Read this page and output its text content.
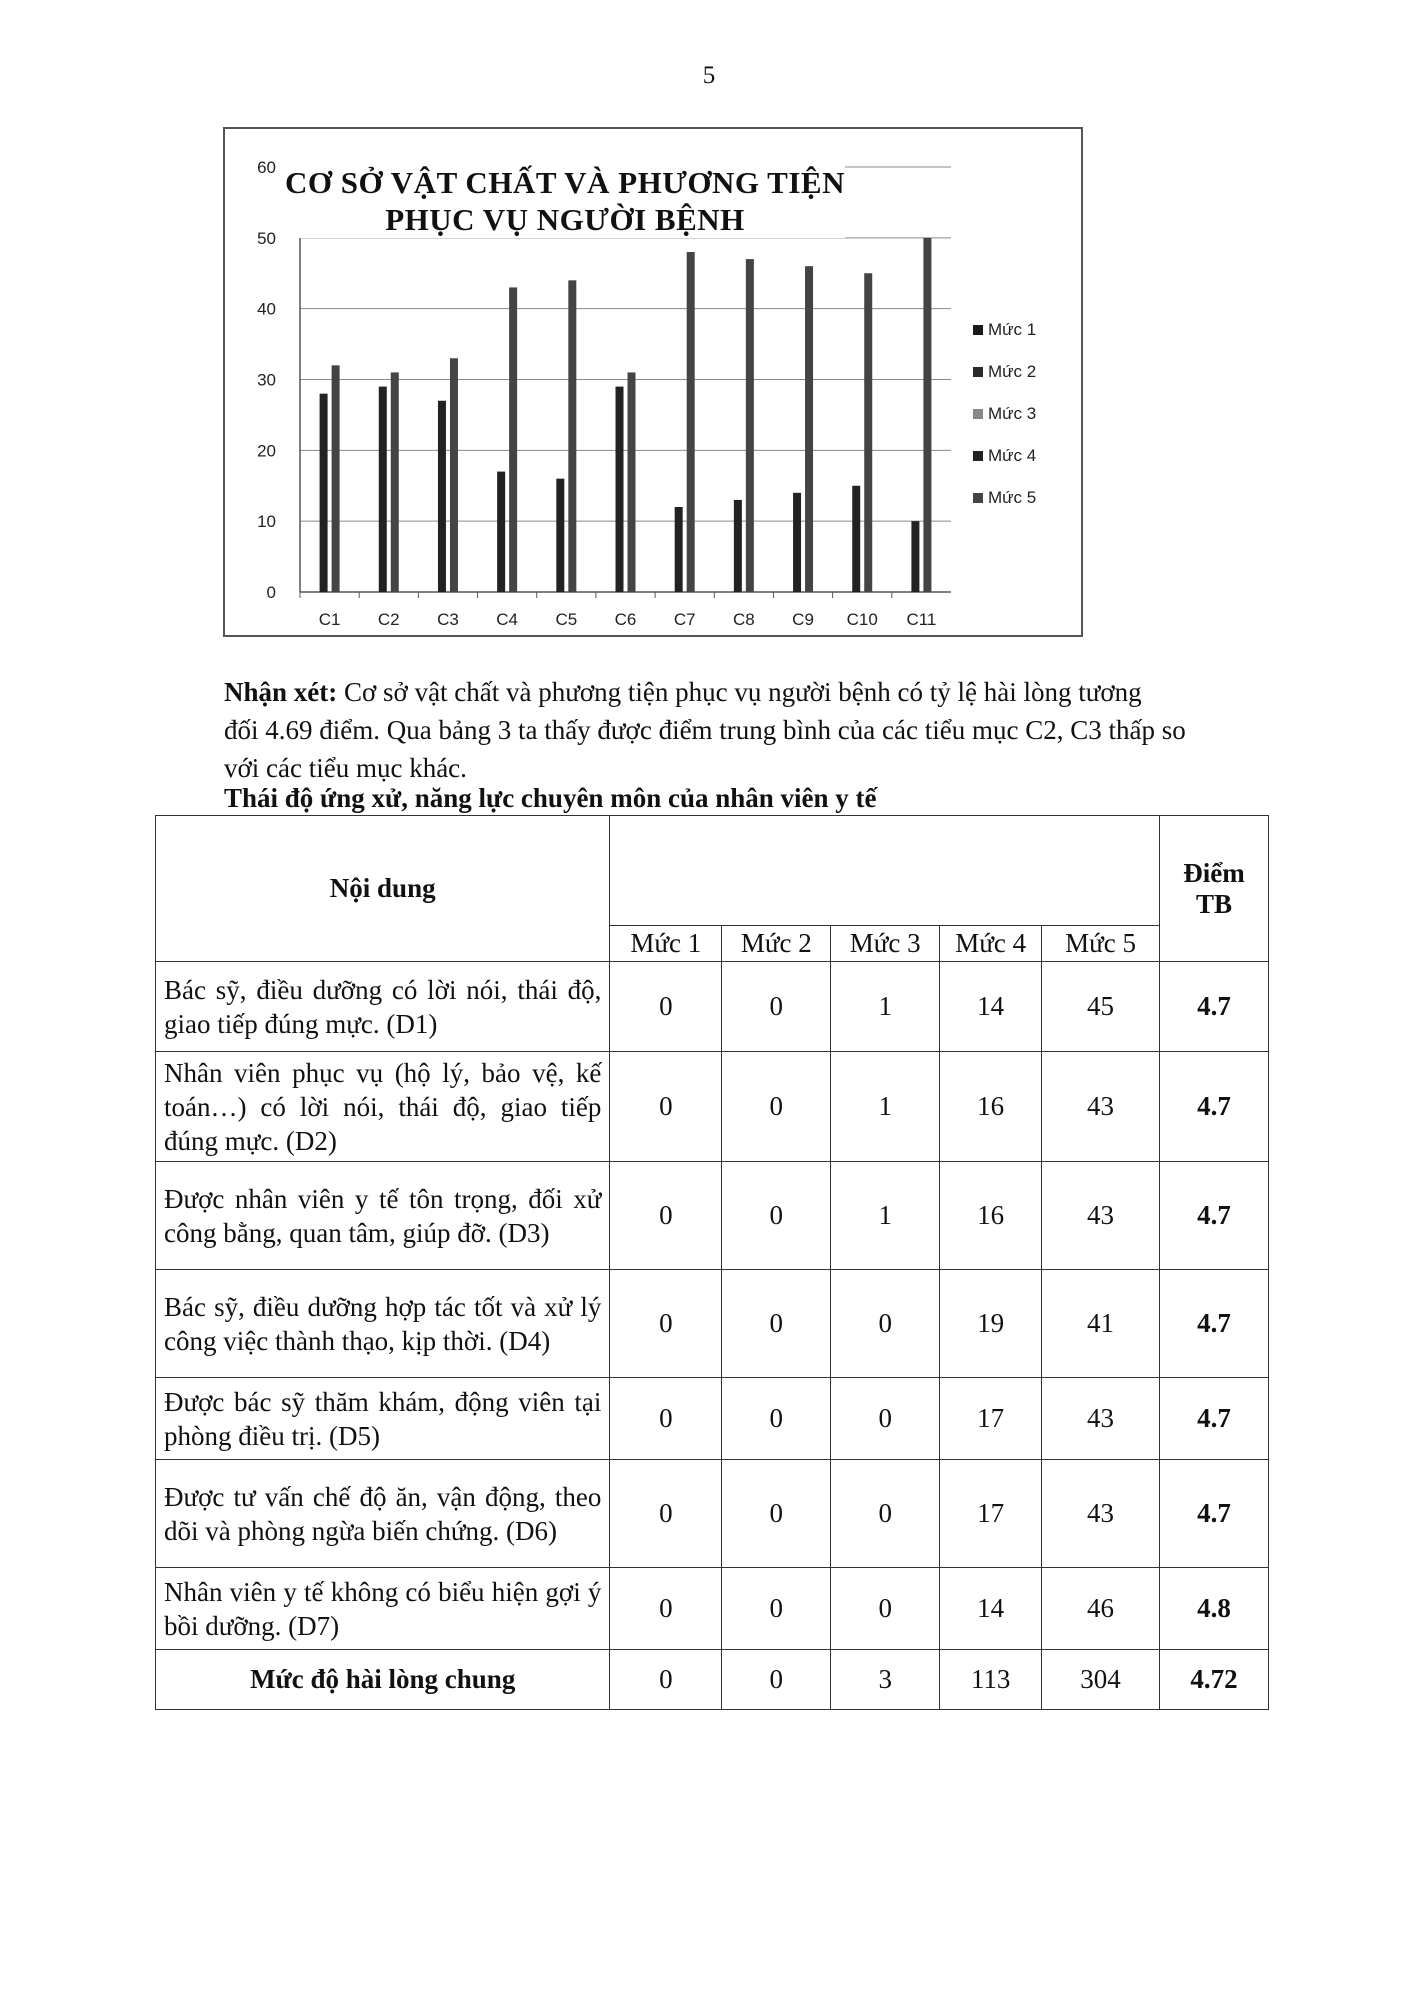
5
0
10
20
30
40
50
60
C1 C2 C3 C4 C5 C6 C7 C8 C9 C10 C11
Mức 1
Mức 2
Mức 3
Mức 4
Mức 5
CƠ SỞ VẬT CHẤT VÀ PHƯƠNG TIỆN PHỤC VỤ NGƯỜI BỆNH
Nhận xét: Cơ sở vật chất và phương tiện phục vụ người bệnh có tỷ lệ hài lòng tương
đối 4.69 điểm. Qua bảng 3 ta thấy được điểm trung bình của các tiểu mục C2, C3 thấp so
với các tiểu mục khác.
Thái độ ứng xử, năng lực chuyên môn của nhân viên y tế
Nội dung						Điểm TB
	Mức 1	Mức 2	Mức 3	Mức 4	Mức 5	
Bác sỹ, điều dưỡng có lời nói, thái độ, giao tiếp đúng mực. (D1)	0	0	1	14	45	4.7
Nhân viên phục vụ (hộ lý, bảo vệ, kế toán…) có lời nói, thái độ, giao tiếp đúng mực. (D2)	0	0	1	16	43	4.7
Được nhân viên y tế tôn trọng, đối xử công bằng, quan tâm, giúp đỡ. (D3)	0	0	1	16	43	4.7
Bác sỹ, điều dưỡng hợp tác tốt và xử lý công việc thành thạo, kịp thời. (D4)	0	0	0	19	41	4.7
Được bác sỹ thăm khám, động viên tại phòng điều trị. (D5)	0	0	0	17	43	4.7
Được tư vấn chế độ ăn, vận động, theo dõi và phòng ngừa biến chứng. (D6)	0	0	0	17	43	4.7
Nhân viên y tế không có biểu hiện gợi ý bồi dưỡng. (D7)	0	0	0	14	46	4.8
Mức độ hài lòng chung	0	0	3	113	304	4.72
